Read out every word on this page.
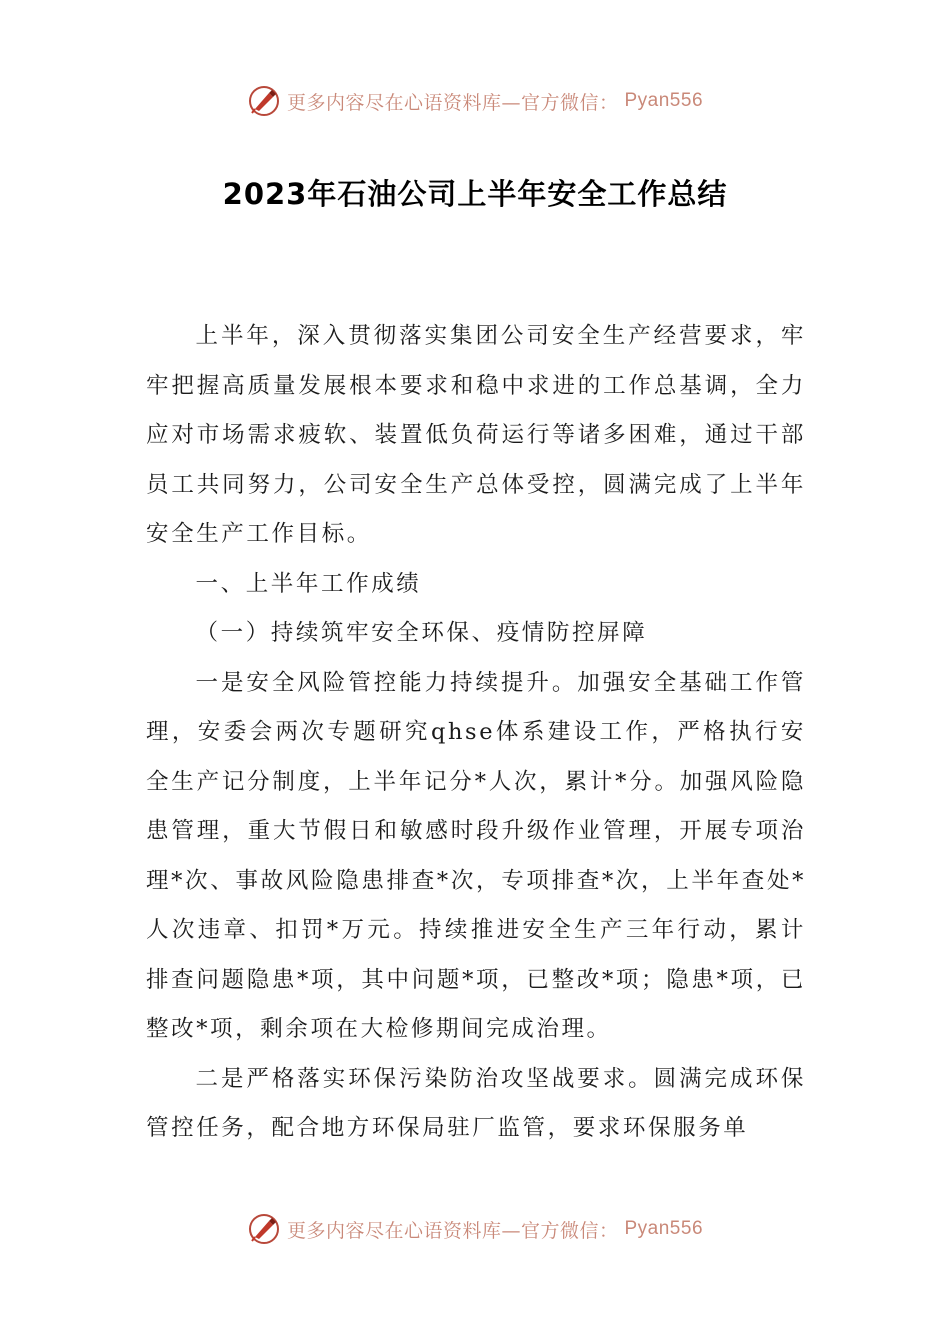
更多内容尽在心语资料库—官方微信： Pyan556
2023年石油公司上半年安全工作总结

上半年，深入贯彻落实集团公司安全生产经营要求，牢牢把握高质量发展根本要求和稳中求进的工作总基调，全力应对市场需求疲软、装置低负荷运行等诸多困难，通过干部员工共同努力，公司安全生产总体受控，圆满完成了上半年安全生产工作目标。

一、上半年工作成绩

（一）持续筑牢安全环保、疫情防控屏障

一是安全风险管控能力持续提升。加强安全基础工作管理，安委会两次专题研究qhse体系建设工作，严格执行安全生产记分制度，上半年记分*人次，累计*分。加强风险隐患管理，重大节假日和敏感时段升级作业管理，开展专项治理*次、事故风险隐患排查*次，专项排查*次，上半年查处*人次违章、扣罚*万元。持续推进安全生产三年行动，累计排查问题隐患*项，其中问题*项，已整改*项；隐患*项，已整改*项，剩余项在大检修期间完成治理。

二是严格落实环保污染防治攻坚战要求。圆满完成环保管控任务，配合地方环保局驻厂监管，要求环保服务单

更多内容尽在心语资料库—官方微信： Pyan556
